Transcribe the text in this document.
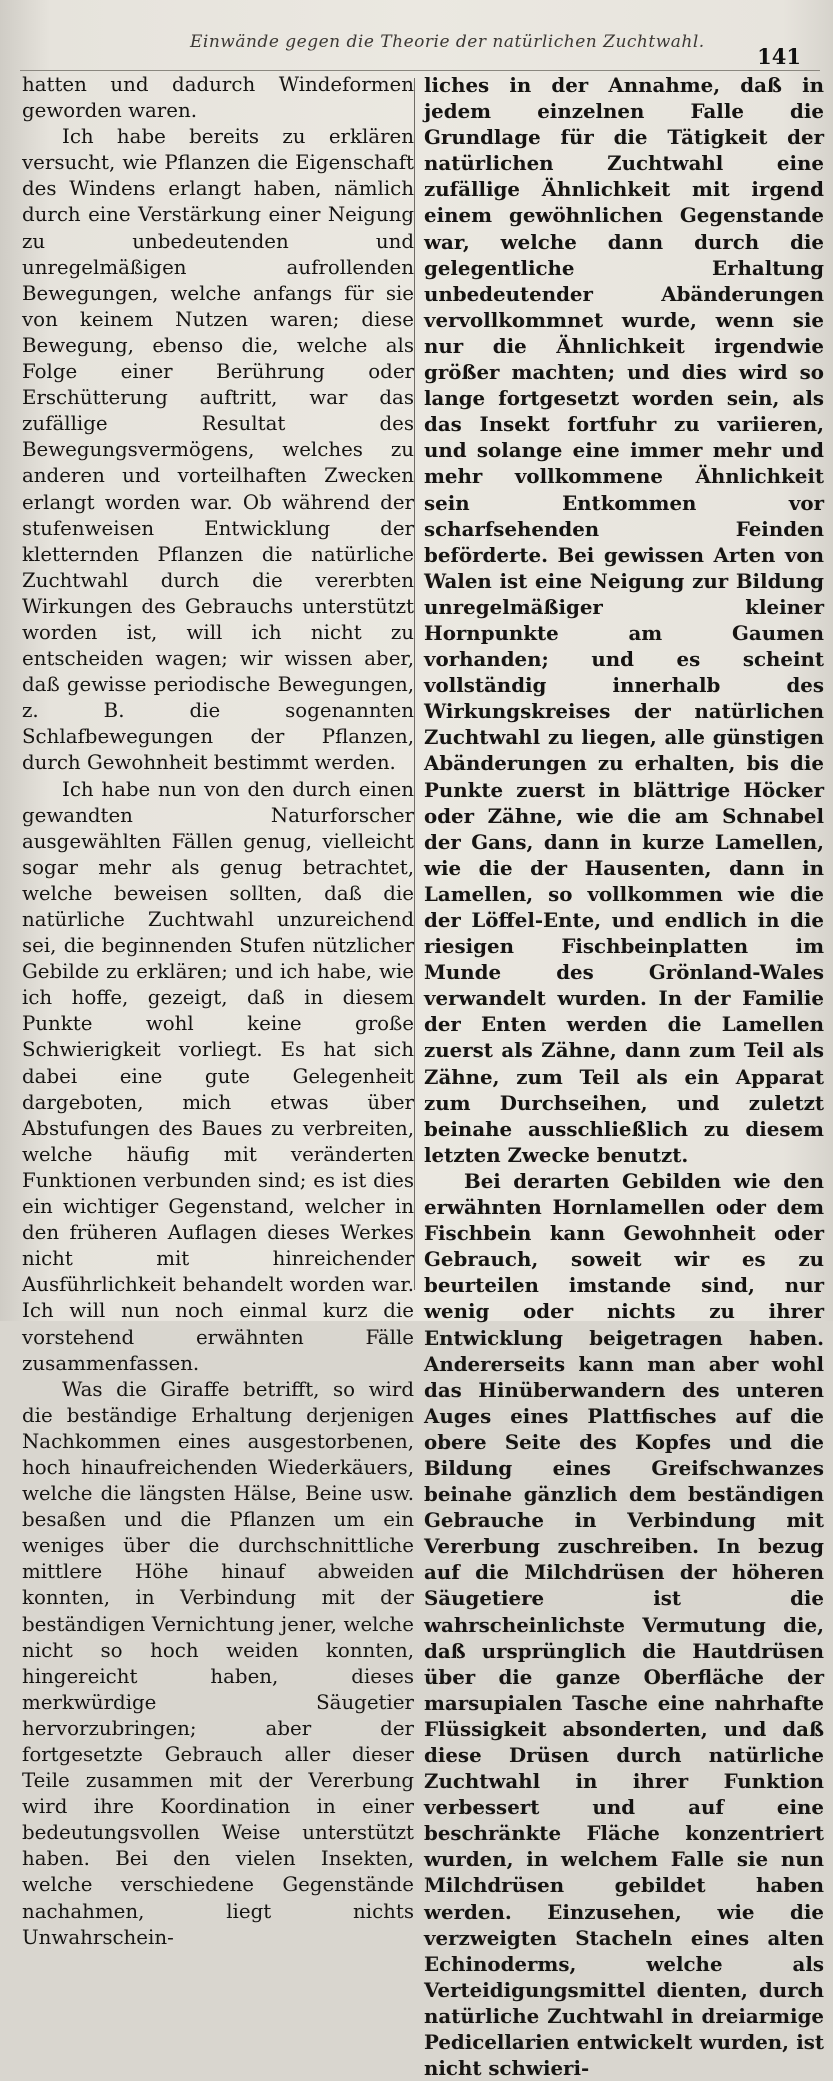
Einwände gegen die Theorie der natürlichen Zuchtwahl.
141

hatten und dadurch Windeformen geworden waren.

Ich habe bereits zu erklären versucht, wie Pflanzen die Eigenschaft des Windens erlangt haben, nämlich durch eine Verstärkung einer Neigung zu unbedeutenden und unregelmäßigen aufrollenden Bewegungen, welche anfangs für sie von keinem Nutzen waren; diese Bewegung, ebenso die, welche als Folge einer Berührung oder Erschütterung auftritt, war das zufällige Resultat des Bewegungsvermögens, welches zu anderen und vorteilhaften Zwecken erlangt worden war. Ob während der stufenweisen Entwicklung der kletternden Pflanzen die natürliche Zuchtwahl durch die vererbten Wirkungen des Gebrauchs unterstützt worden ist, will ich nicht zu entscheiden wagen; wir wissen aber, daß gewisse periodische Bewegungen, z. B. die sogenannten Schlafbewegungen der Pflanzen, durch Gewohnheit bestimmt werden.

Ich habe nun von den durch einen gewandten Naturforscher ausgewählten Fällen genug, vielleicht sogar mehr als genug betrachtet, welche beweisen sollten, daß die natürliche Zuchtwahl unzureichend sei, die beginnenden Stufen nützlicher Gebilde zu erklären; und ich habe, wie ich hoffe, gezeigt, daß in diesem Punkte wohl keine große Schwierigkeit vorliegt. Es hat sich dabei eine gute Gelegenheit dargeboten, mich etwas über Abstufungen des Baues zu verbreiten, welche häufig mit veränderten Funktionen verbunden sind; es ist dies ein wichtiger Gegenstand, welcher in den früheren Auflagen dieses Werkes nicht mit hinreichender Ausführlichkeit behandelt worden war. Ich will nun noch einmal kurz die vorstehend erwähnten Fälle zusammenfassen.

Was die Giraffe betrifft, so wird die beständige Erhaltung derjenigen Nachkommen eines ausgestorbenen, hoch hinaufreichenden Wiederkäuers, welche die längsten Hälse, Beine usw. besaßen und die Pflanzen um ein weniges über die durchschnittliche mittlere Höhe hinauf abweiden konnten, in Verbindung mit der beständigen Vernichtung jener, welche nicht so hoch weiden konnten, hingereicht haben, dieses merkwürdige Säugetier hervorzubringen; aber der fortgesetzte Gebrauch aller dieser Teile zusammen mit der Vererbung wird ihre Koordination in einer bedeutungsvollen Weise unterstützt haben. Bei den vielen Insekten, welche verschiedene Gegenstände nachahmen, liegt nichts Unwahrschein-

liches in der Annahme, daß in jedem einzelnen Falle die Grundlage für die Tätigkeit der natürlichen Zuchtwahl eine zufällige Ähnlichkeit mit irgend einem gewöhnlichen Gegenstande war, welche dann durch die gelegentliche Erhaltung unbedeutender Abänderungen vervollkommnet wurde, wenn sie nur die Ähnlichkeit irgendwie größer machten; und dies wird so lange fortgesetzt worden sein, als das Insekt fortfuhr zu variieren, und solange eine immer mehr und mehr vollkommene Ähnlichkeit sein Entkommen vor scharfsehenden Feinden beförderte. Bei gewissen Arten von Walen ist eine Neigung zur Bildung unregelmäßiger kleiner Hornpunkte am Gaumen vorhanden; und es scheint vollständig innerhalb des Wirkungskreises der natürlichen Zuchtwahl zu liegen, alle günstigen Abänderungen zu erhalten, bis die Punkte zuerst in blättrige Höcker oder Zähne, wie die am Schnabel der Gans, dann in kurze Lamellen, wie die der Hausenten, dann in Lamellen, so vollkommen wie die der Löffel-Ente, und endlich in die riesigen Fischbeinplatten im Munde des Grönland-Wales verwandelt wurden. In der Familie der Enten werden die Lamellen zuerst als Zähne, dann zum Teil als Zähne, zum Teil als ein Apparat zum Durchseihen, und zuletzt beinahe ausschließlich zu diesem letzten Zwecke benutzt.

Bei derarten Gebilden wie den erwähnten Hornlamellen oder dem Fischbein kann Gewohnheit oder Gebrauch, soweit wir es zu beurteilen imstande sind, nur wenig oder nichts zu ihrer Entwicklung beigetragen haben. Andererseits kann man aber wohl das Hinüberwandern des unteren Auges eines Plattfisches auf die obere Seite des Kopfes und die Bildung eines Greifschwanzes beinahe gänzlich dem beständigen Gebrauche in Verbindung mit Vererbung zuschreiben. In bezug auf die Milchdrüsen der höheren Säugetiere ist die wahrscheinlichste Vermutung die, daß ursprünglich die Hautdrüsen über die ganze Oberfläche der marsupialen Tasche eine nahrhafte Flüssigkeit absonderten, und daß diese Drüsen durch natürliche Zuchtwahl in ihrer Funktion verbessert und auf eine beschränkte Fläche konzentriert wurden, in welchem Falle sie nun Milchdrüsen gebildet haben werden. Einzusehen, wie die verzweigten Stacheln eines alten Echinoderms, welche als Verteidigungsmittel dienten, durch natürliche Zuchtwahl in dreiarmige Pedicellarien entwickelt wurden, ist nicht schwieri-
